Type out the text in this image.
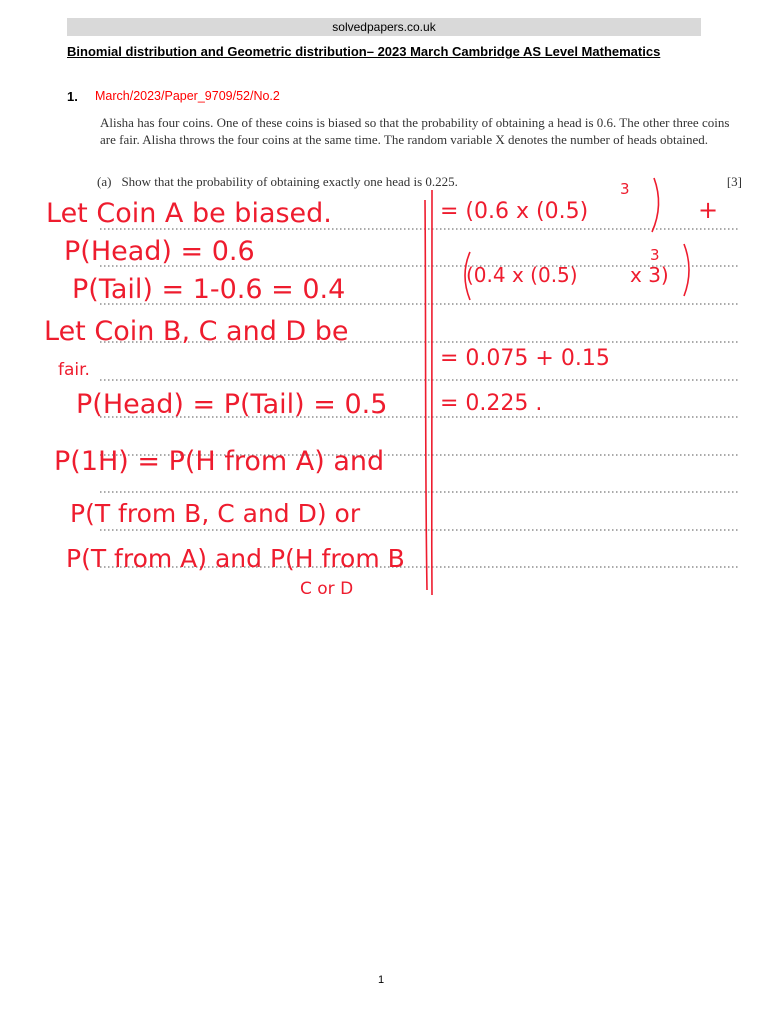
solvedpapers.co.uk
Binomial distribution and Geometric distribution– 2023 March Cambridge AS Level Mathematics
1. March/2023/Paper_9709/52/No.2
Alisha has four coins. One of these coins is biased so that the probability of obtaining a head is 0.6. The other three coins are fair. Alisha throws the four coins at the same time. The random variable X denotes the number of heads obtained.
(a) Show that the probability of obtaining exactly one head is 0.225.	[3]
Let Coin A be biased.
P(Head) = 0.6
P(Tail) = 1-0.6 = 0.4
Let Coin B, C and D be
fair.
P(Head) = P(Tail) = 0.5
P(1H) = P(H from A) and
P(T from B, C and D) or
P(T from A) and P(H from B
C or D
= (0.6 x (0.5)
3
+
(0.4 x (0.5)
3
x 3)
= 0.075 + 0.15
= 0.225 .
1
